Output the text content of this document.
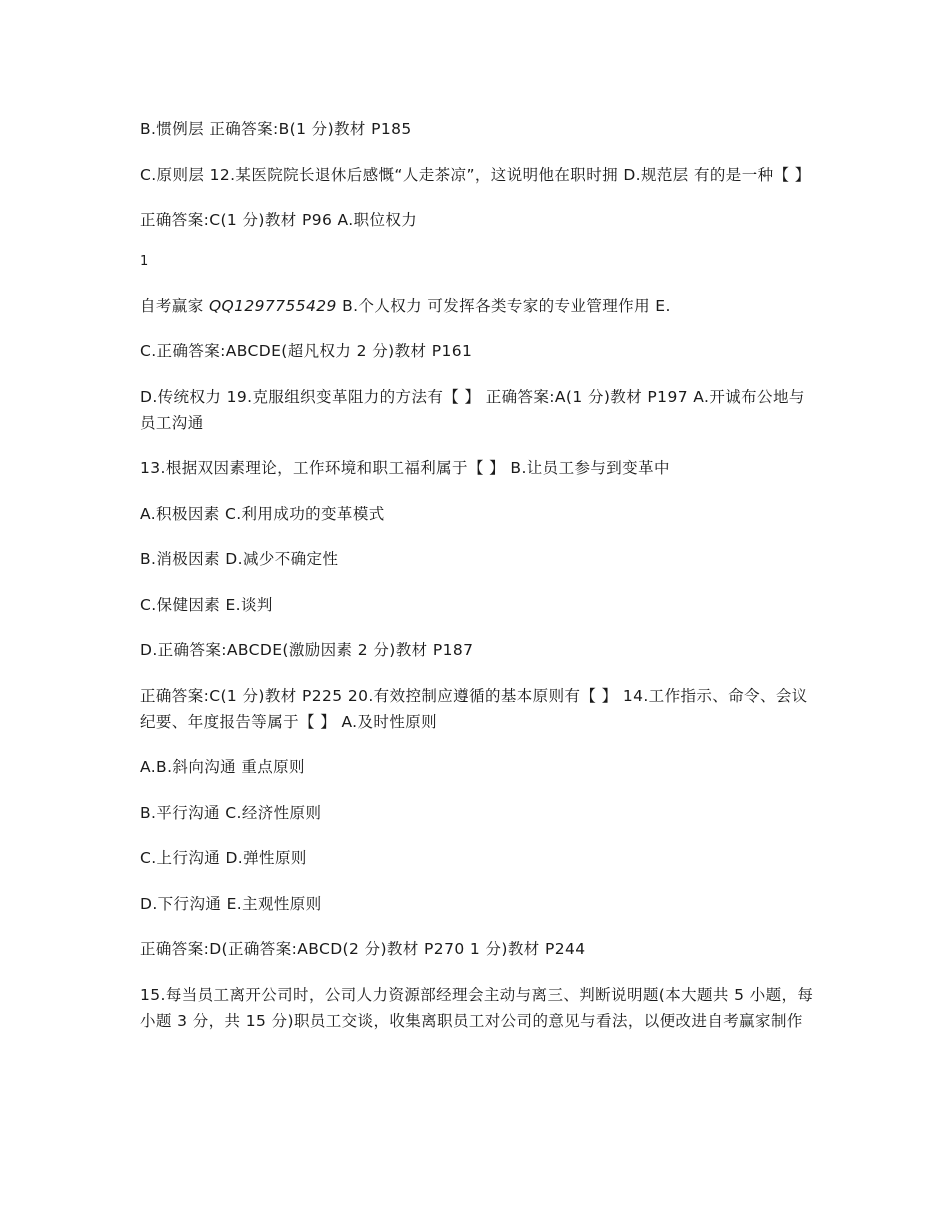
B.惯例层 正确答案:B(1 分)教材 P185

C.原则层 12.某医院院长退休后感慨“人走茶凉”，这说明他在职时拥 D.规范层 有的是一种【 】

正确答案:C(1 分)教材 P96 A.职位权力

1

自考赢家 QQ1297755429 B.个人权力 可发挥各类专家的专业管理作用 E.

C.正确答案:ABCDE(超凡权力 2 分)教材 P161

D.传统权力 19.克服组织变革阻力的方法有【 】 正确答案:A(1 分)教材 P197 A.开诚布公地与员工沟通

13.根据双因素理论，工作环境和职工福利属于【 】 B.让员工参与到变革中

A.积极因素 C.利用成功的变革模式

B.消极因素 D.减少不确定性

C.保健因素 E.谈判

D.正确答案:ABCDE(激励因素 2 分)教材 P187

正确答案:C(1 分)教材 P225 20.有效控制应遵循的基本原则有【 】 14.工作指示、命令、会议纪要、年度报告等属于【 】 A.及时性原则

A.B.斜向沟通 重点原则

B.平行沟通 C.经济性原则

C.上行沟通 D.弹性原则

D.下行沟通 E.主观性原则

正确答案:D(正确答案:ABCD(2 分)教材 P270 1 分)教材 P244

15.每当员工离开公司时，公司人力资源部经理会主动与离三、判断说明题(本大题共 5 小题，每小题 3 分，共 15 分)职员工交谈，收集离职员工对公司的意见与看法，以便改进自考赢家制作
